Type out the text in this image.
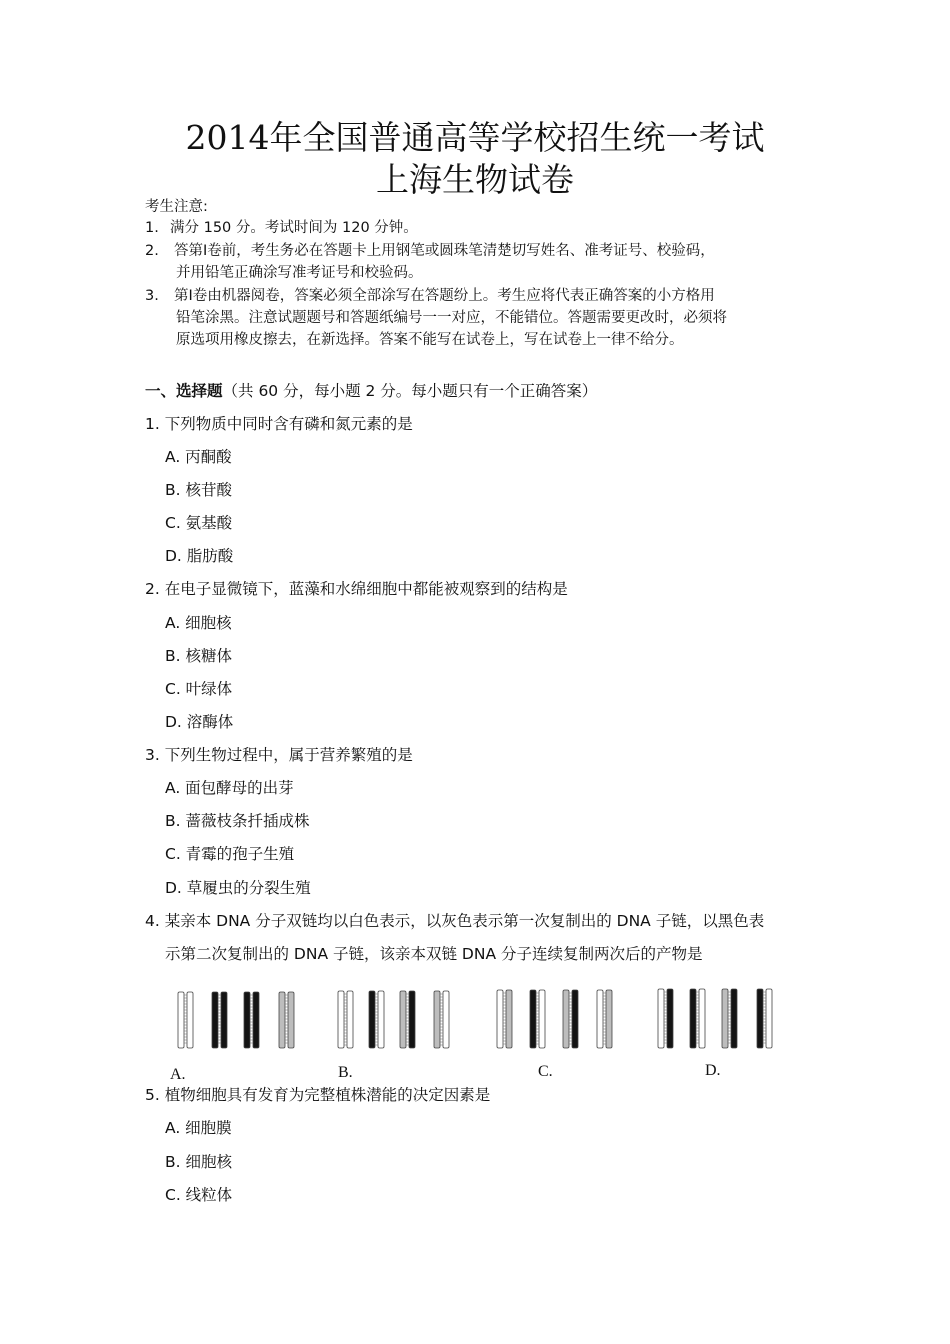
2014年全国普通高等学校招生统一考试
上海生物试卷
考生注意:
1. 满分 150 分。考试时间为 120 分钟。
2. 答第Ⅰ卷前，考生务必在答题卡上用钢笔或圆珠笔清楚切写姓名、准考证号、校验码，
并用铅笔正确涂写准考证号和校验码。
3. 第Ⅰ卷由机器阅卷，答案必须全部涂写在答题纷上。考生应将代表正确答案的小方格用
铅笔涂黑。注意试题题号和答题纸编号一一对应，不能错位。答题需要更改时，必须将
原选项用橡皮擦去，在新选择。答案不能写在试卷上，写在试卷上一律不给分。
一、选择题（共 60 分，每小题 2 分。每小题只有一个正确答案）
1. 下列物质中同时含有磷和氮元素的是
A. 丙酮酸
B. 核苷酸
C. 氨基酸
D. 脂肪酸
2. 在电子显微镜下，蓝藻和水绵细胞中都能被观察到的结构是
A. 细胞核
B. 核糖体
C. 叶绿体
D. 溶酶体
3. 下列生物过程中，属于营养繁殖的是
A. 面包酵母的出芽
B. 蔷薇枝条扦插成株
C. 青霉的孢子生殖
D. 草履虫的分裂生殖
4. 某亲本 DNA 分子双链均以白色表示，以灰色表示第一次复制出的 DNA 子链，以黑色表
示第二次复制出的 DNA 子链，该亲本双链 DNA 分子连续复制两次后的产物是
A.	B.	C.	D.
5. 植物细胞具有发育为完整植株潜能的决定因素是
A. 细胞膜
B. 细胞核
C. 线粒体
